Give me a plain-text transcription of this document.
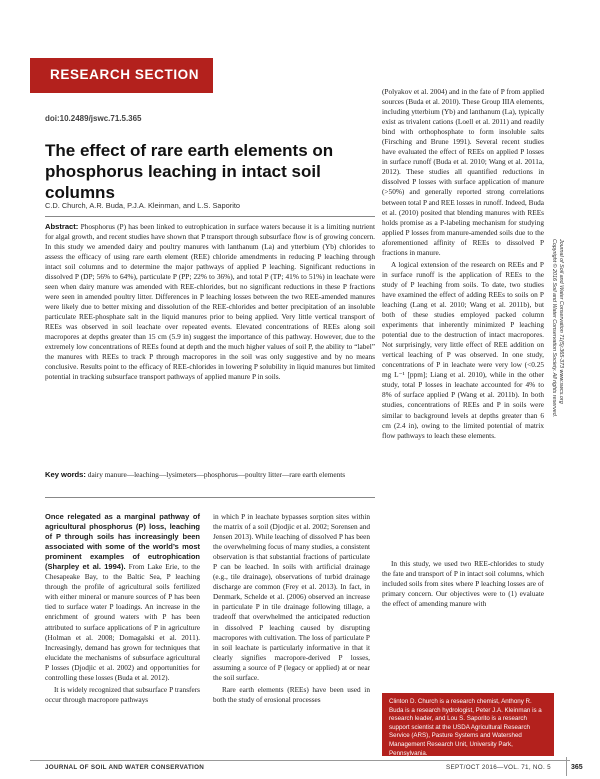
RESEARCH SECTION
doi:10.2489/jswc.71.5.365
The effect of rare earth elements on phosphorus leaching in intact soil columns
C.D. Church, A.R. Buda, P.J.A. Kleinman, and L.S. Saporito

Abstract: Phosphorus (P) has been linked to eutrophication in surface waters because it is a limiting nutrient for algal growth, and recent studies have shown that P transport through subsurface flow is of growing concern. In this study we amended dairy and poultry manures with lanthanum (La) and ytterbium (Yb) chlorides to assess the efficacy of using rare earth element (REE) chloride amendments in reducing P leaching through intact soil columns and to determine the major pathways of applied P leaching. Significant reductions in dissolved P (DP; 56% to 64%), particulate P (PP; 22% to 36%), and total P (TP; 41% to 51%) in leachate were seen when dairy manure was amended with REE-chlorides, but no significant reductions in these P fractions were seen in amended poultry litter. Differences in P leaching losses between the two REE-amended manures were likely due to better mixing and dissolution of the REE-chlorides and better precipitation of an insoluble particulate REE-phosphate salt in the liquid manures prior to being applied. Very little vertical transport of REEs was observed in soil leachate over repeated events. Elevated concentrations of REEs along soil macropores at depths greater than 15 cm (5.9 in) suggest the importance of this pathway. However, due to the extremely low concentrations of REEs found at depth and the much higher values of soil P, the ability to “label” the manures with REEs to track P through macropores in the soil was only suggestive and by no means conclusive. Results point to the efficacy of REE-chlorides in lowering P solubility in liquid manures but limited potential in tracking subsurface transport pathways of applied manure P in soils.

Key words: dairy manure—leaching—lysimeters—phosphorus—poultry litter—rare earth elements

Once relegated as a marginal pathway of agricultural phosphorus (P) loss, leaching of P through soils has increasingly been associated with some of the world’s most prominent examples of eutrophication (Sharpley et al. 1994). From Lake Erie, to the Chesapeake Bay, to the Baltic Sea, P leaching through the profile of agricultural soils fertilized with either mineral or manure sources of P has been tied to surface water P loadings. An increase in the enrichment of ground waters with P has been attributed to surface applications of P in agriculture (Holman et al. 2008; Domagalski et al. 2011). Increasingly, demand has grown for techniques that elucidate the mechanisms of subsurface agricultural P losses (Djodjic et al. 2002) and opportunities for controlling these losses (Buda et al. 2012).

It is widely recognized that subsurface P transfers occur through macropore pathways

in which P in leachate bypasses sorption sites within the matrix of a soil (Djodjic et al. 2002; Sorensen and Jensen 2013). While leaching of dissolved P has been the overwhelming focus of many studies, a consistent observation is that substantial fractions of particulate P can be leached. In soils with artificial drainage (e.g., tile drainage), observations of turbid drainage discharge are common (Frey et al. 2013). In fact, in Denmark, Schelde et al. (2006) observed an increase in particulate P in tile drainage following tillage, a tradeoff that overwhelmed the anticipated reduction in dissolved P leaching caused by disrupting macropores with cultivation. The loss of particulate P in soil leachate is particularly informative in that it clearly signifies macropore-derived P losses, assuming a source of P (legacy or applied) at or near the soil surface.

Rare earth elements (REEs) have been used in both the study of erosional processes

(Polyakov et al. 2004) and in the fate of P from applied sources (Buda et al. 2010). These Group IIIA elements, including ytterbium (Yb) and lanthanum (La), typically exist as trivalent cations (Loell et al. 2011) and readily bind with orthophosphate to form insoluble salts (Firsching and Brune 1991). Several recent studies have evaluated the effect of REEs on applied P losses in surface runoff (Buda et al. 2010; Wang et al. 2011a, 2012). These studies all quantified reductions in dissolved P losses with surface application of manure (>50%) and generally reported strong correlations between total P and REE losses in runoff. Indeed, Buda et al. (2010) posited that blending manures with REEs holds promise as a P-labeling mechanism for studying applied P losses from manure-amended soils due to the aforementioned affinity of REEs to dissolved P fractions in manure.

A logical extension of the research on REEs and P in surface runoff is the application of REEs to the study of P leaching from soils. To date, two studies have examined the effect of adding REEs to soils on P leaching (Lang et al. 2010; Wang et al. 2011b), but both of these studies employed packed column experiments that inherently minimized P leaching potential due to the destruction of intact macropores. Not surprisingly, very little effect of REE addition on vertical leaching of P was observed. In one study, concentrations of P in leachate were very low (<0.25 mg L⁻¹ [ppm]; Liang et al. 2010), while in the other study, total P losses in leachate accounted for 4% to 8% of surface applied P (Wang et al. 2011b). In both studies, concentrations of REEs and P in soils were similar to background levels at depths greater than 6 cm (2.4 in), owing to the limited potential of matrix flow pathways to leach these elements.

In this study, we used two REE-chlorides to study the fate and transport of P in intact soil columns, which included soils from sites where P leaching losses are of primary concern. Our objectives were to (1) evaluate the effect of amending manure with

Clinton D. Church is a research chemist, Anthony R. Buda is a research hydrologist, Peter J.A. Kleinman is a research leader, and Lou S. Saporito is a research support scientist at the USDA Agricultural Research Service (ARS), Pasture Systems and Watershed Management Research Unit, University Park, Pennsylvania.

Copyright © 2016 Soil and Water Conservation Society. All rights reserved. Journal of Soil and Water Conservation 71(5):365-373 www.swcs.org
JOURNAL OF SOIL AND WATER CONSERVATION	SEPT/OCT 2016—VOL. 71, NO. 5	365
